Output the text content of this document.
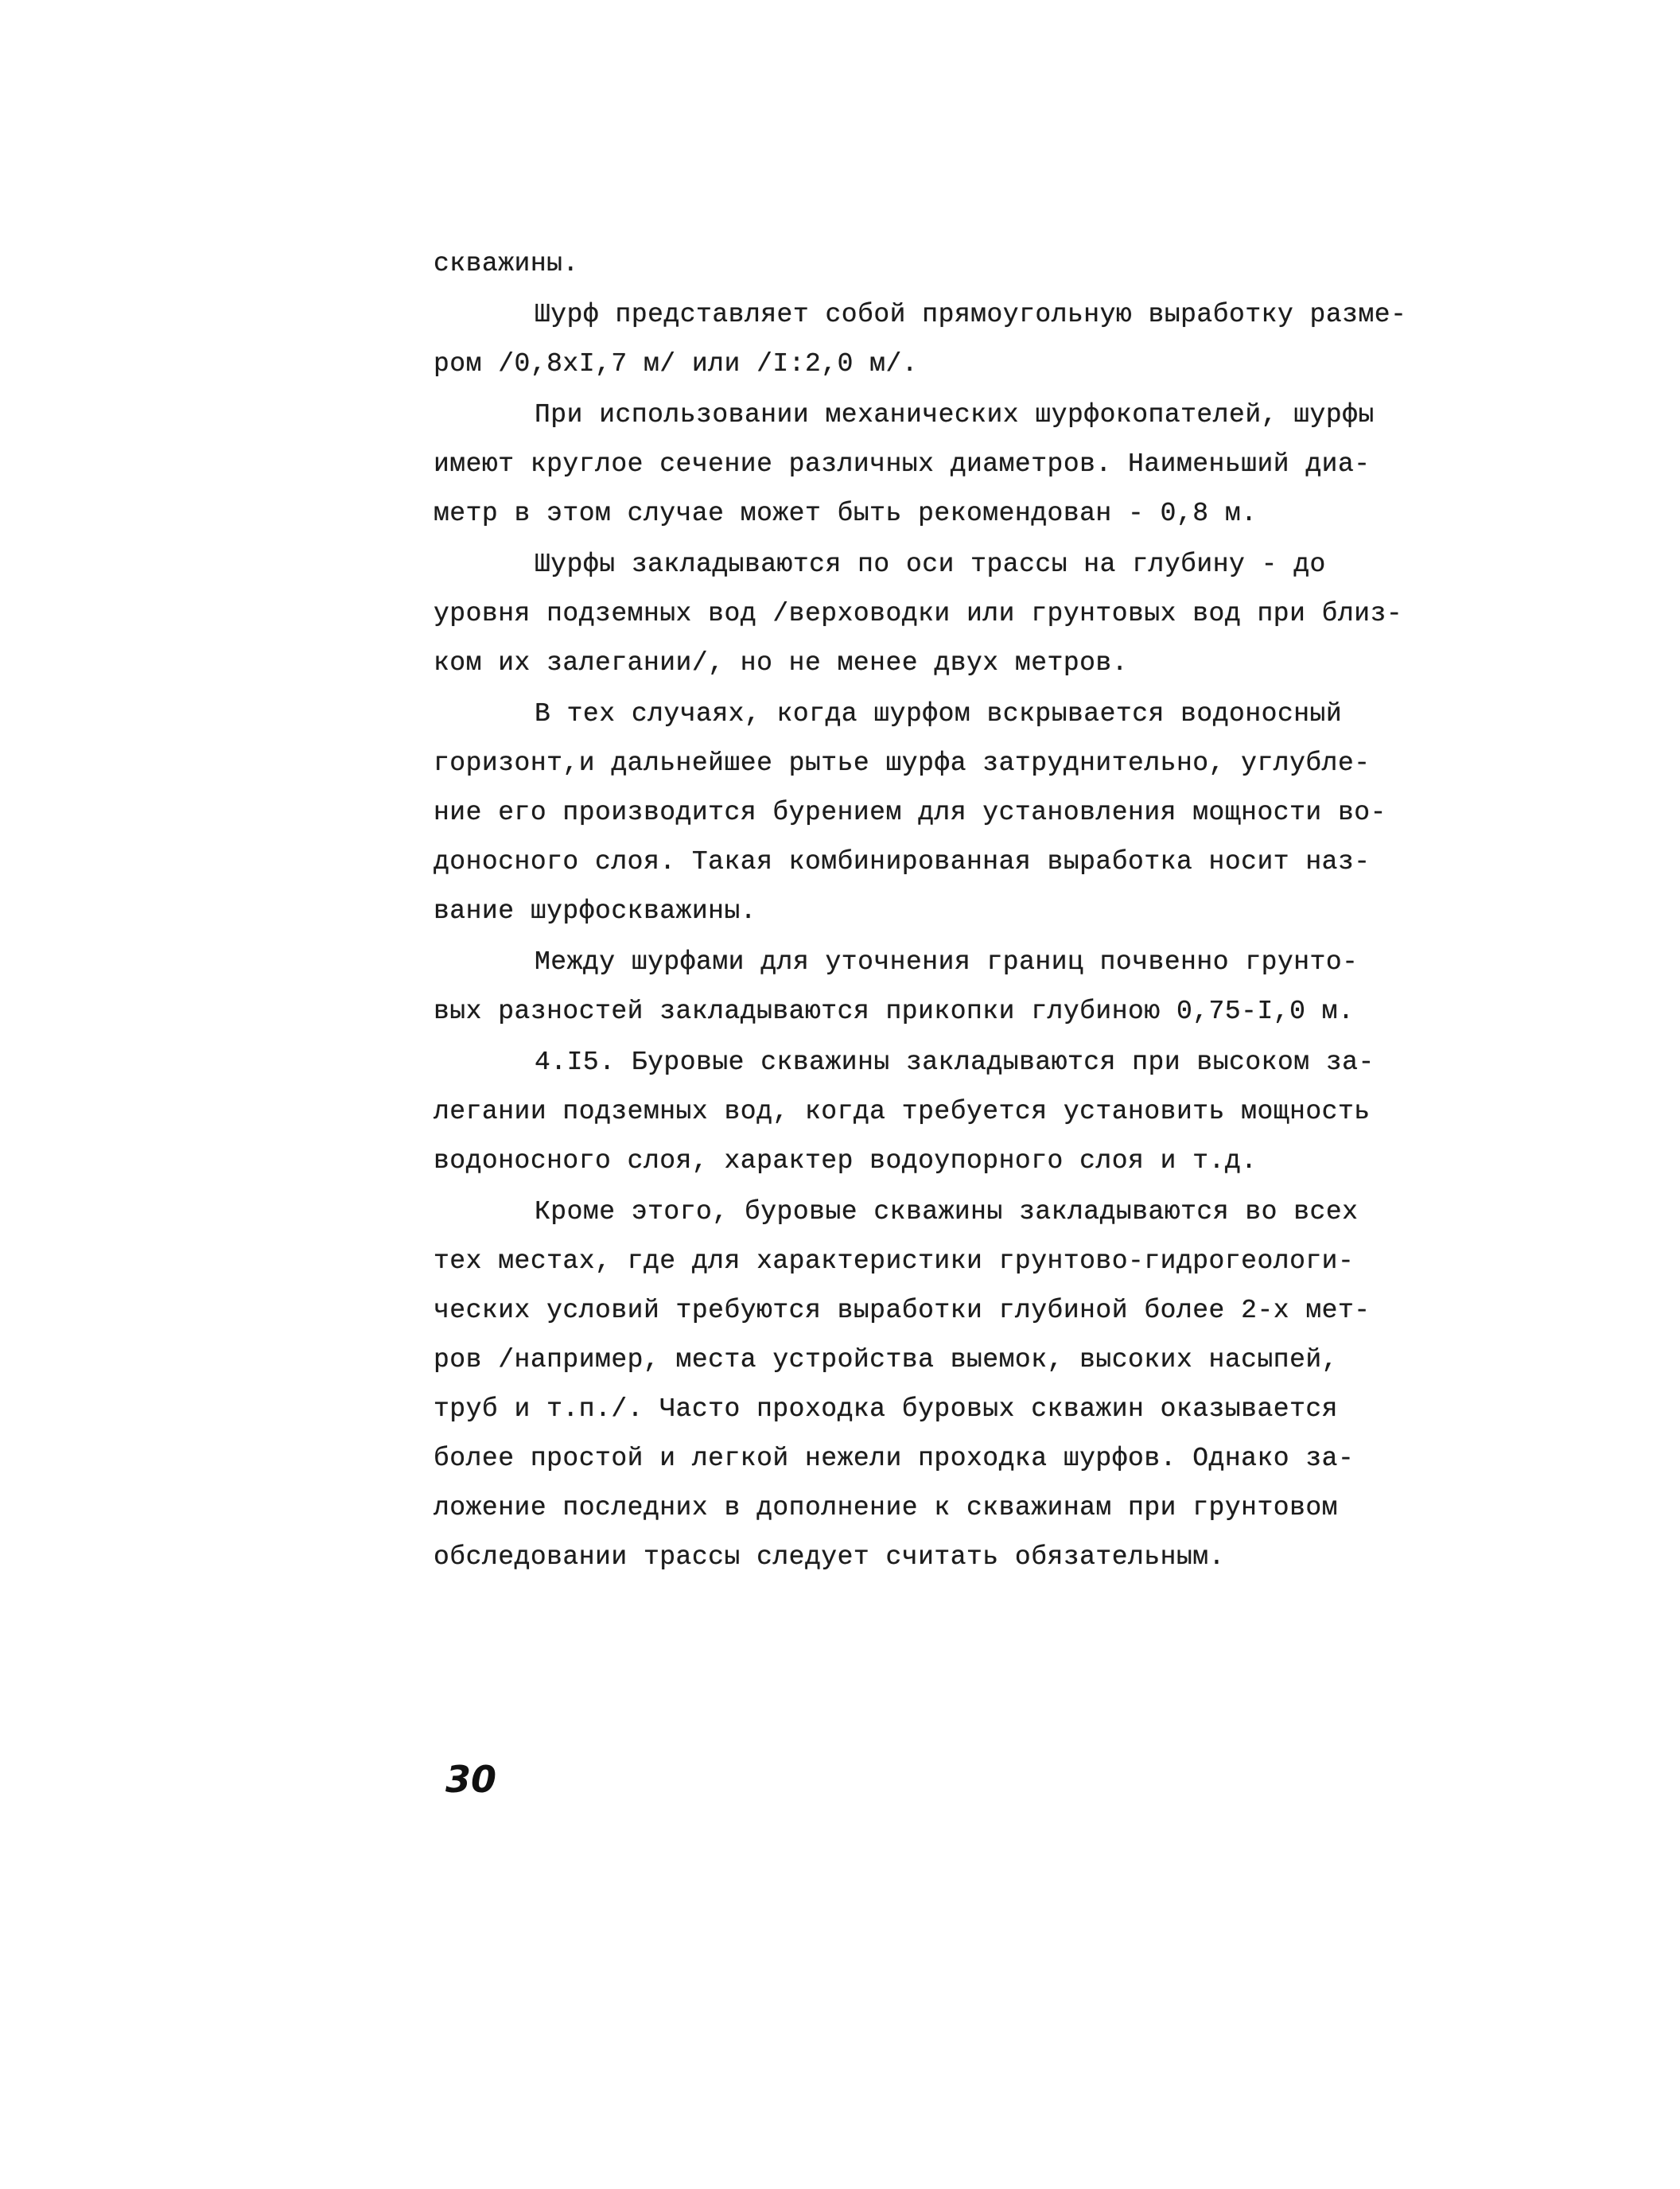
скважины.
Шурф представляет собой прямоугольную выработку разме-
ром /0,8хI,7 м/ или /I:2,0 м/.
При использовании механических шурфокопателей, шурфы
имеют круглое сечение различных диаметров. Наименьший диа-
метр в этом случае может быть рекомендован - 0,8 м.
Шурфы закладываются по оси трассы на глубину - до
уровня подземных вод /верховодки или грунтовых вод при близ-
ком их залегании/, но не менее двух метров.
В тех случаях, когда шурфом вскрывается водоносный
горизонт,и дальнейшее рытье шурфа затруднительно, углубле-
ние его производится бурением для установления мощности во-
доносного слоя. Такая комбинированная выработка носит наз-
вание шурфоскважины.
Между шурфами для уточнения границ почвенно грунто-
вых разностей закладываются прикопки глубиною 0,75-I,0 м.
4.I5. Буровые скважины закладываются при высоком за-
легании подземных вод, когда требуется установить мощность
водоносного слоя, характер водоупорного слоя и т.д.
Кроме этого, буровые скважины закладываются во всех
тех местах, где для характеристики грунтово-гидрогеологи-
ческих условий требуются выработки глубиной более 2-х мет-
ров /например, места устройства выемок, высоких насыпей,
труб и т.п./. Часто проходка буровых скважин оказывается
более простой и легкой нежели проходка шурфов. Однако за-
ложение последних в дополнение к скважинам при грунтовом
обследовании трассы следует считать обязательным.
30
